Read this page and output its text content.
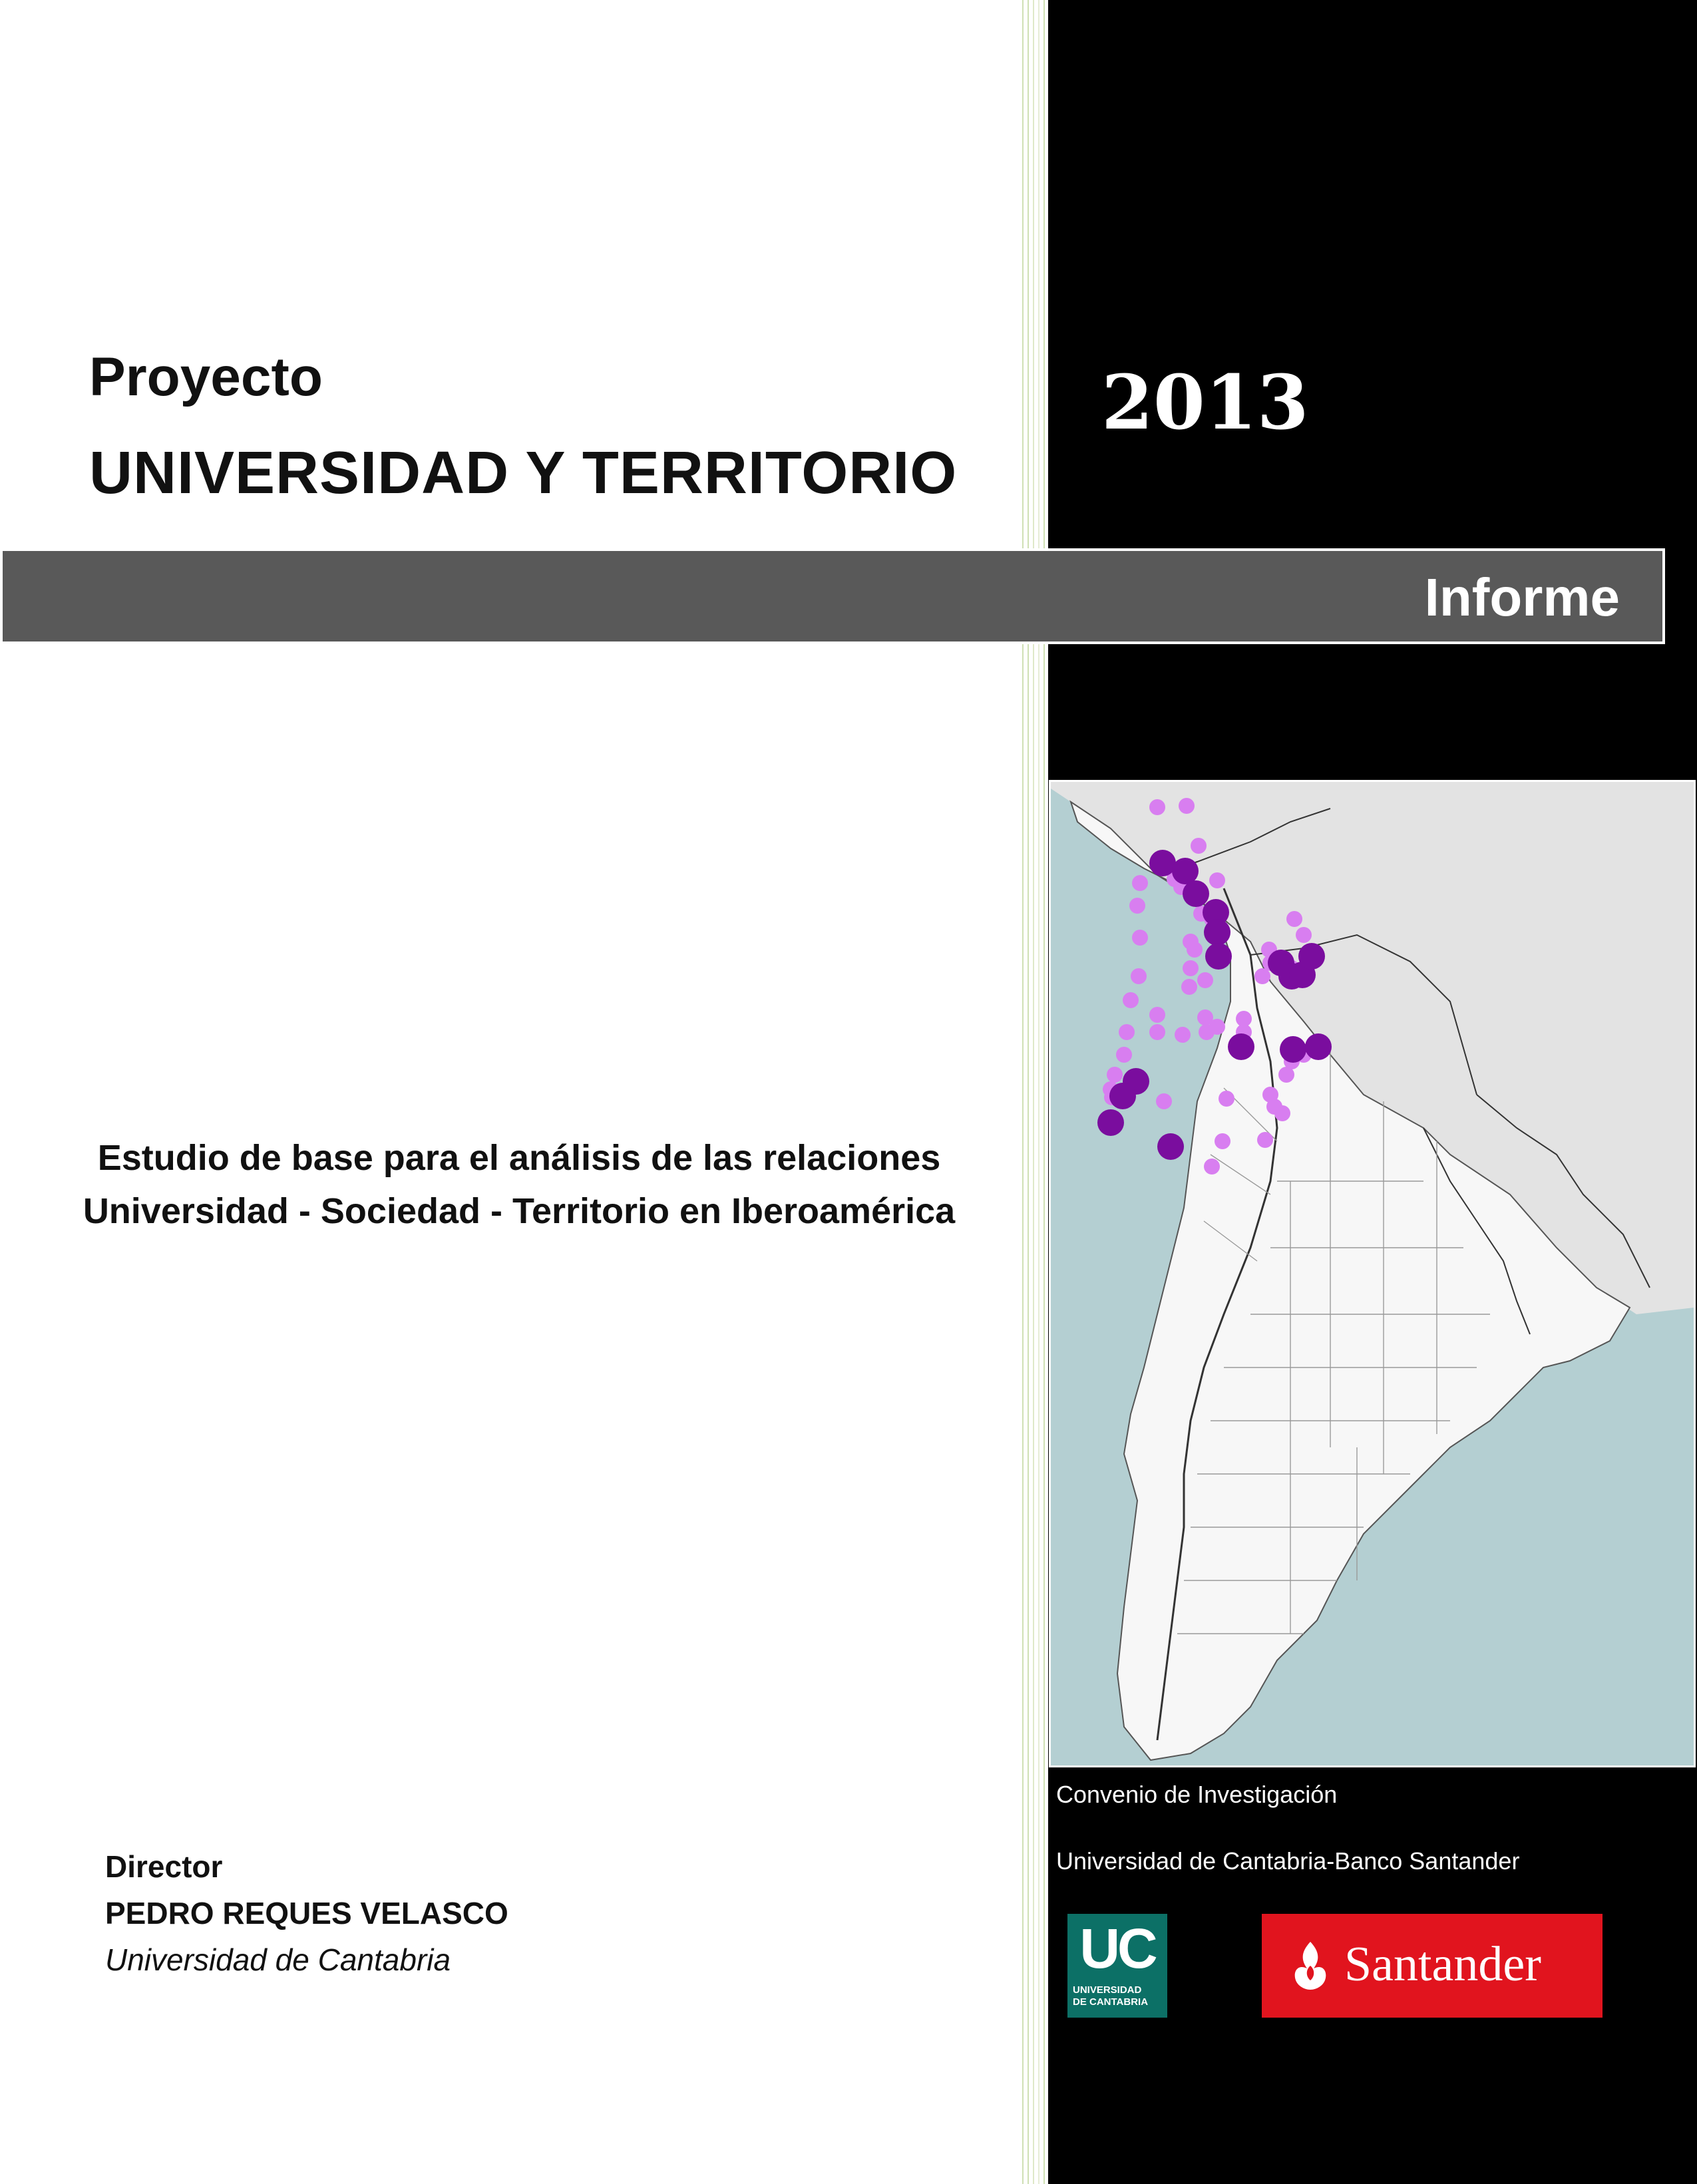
Proyecto
UNIVERSIDAD Y TERRITORIO
2013
Informe
Estudio de base para el análisis de las relaciones
Universidad - Sociedad - Territorio en Iberoamérica
Director
PEDRO REQUES VELASCO
Universidad de Cantabria
Convenio de Investigación
Universidad de Cantabria-Banco Santander
UC
UNIVERSIDAD
DE CANTABRIA
Santander
